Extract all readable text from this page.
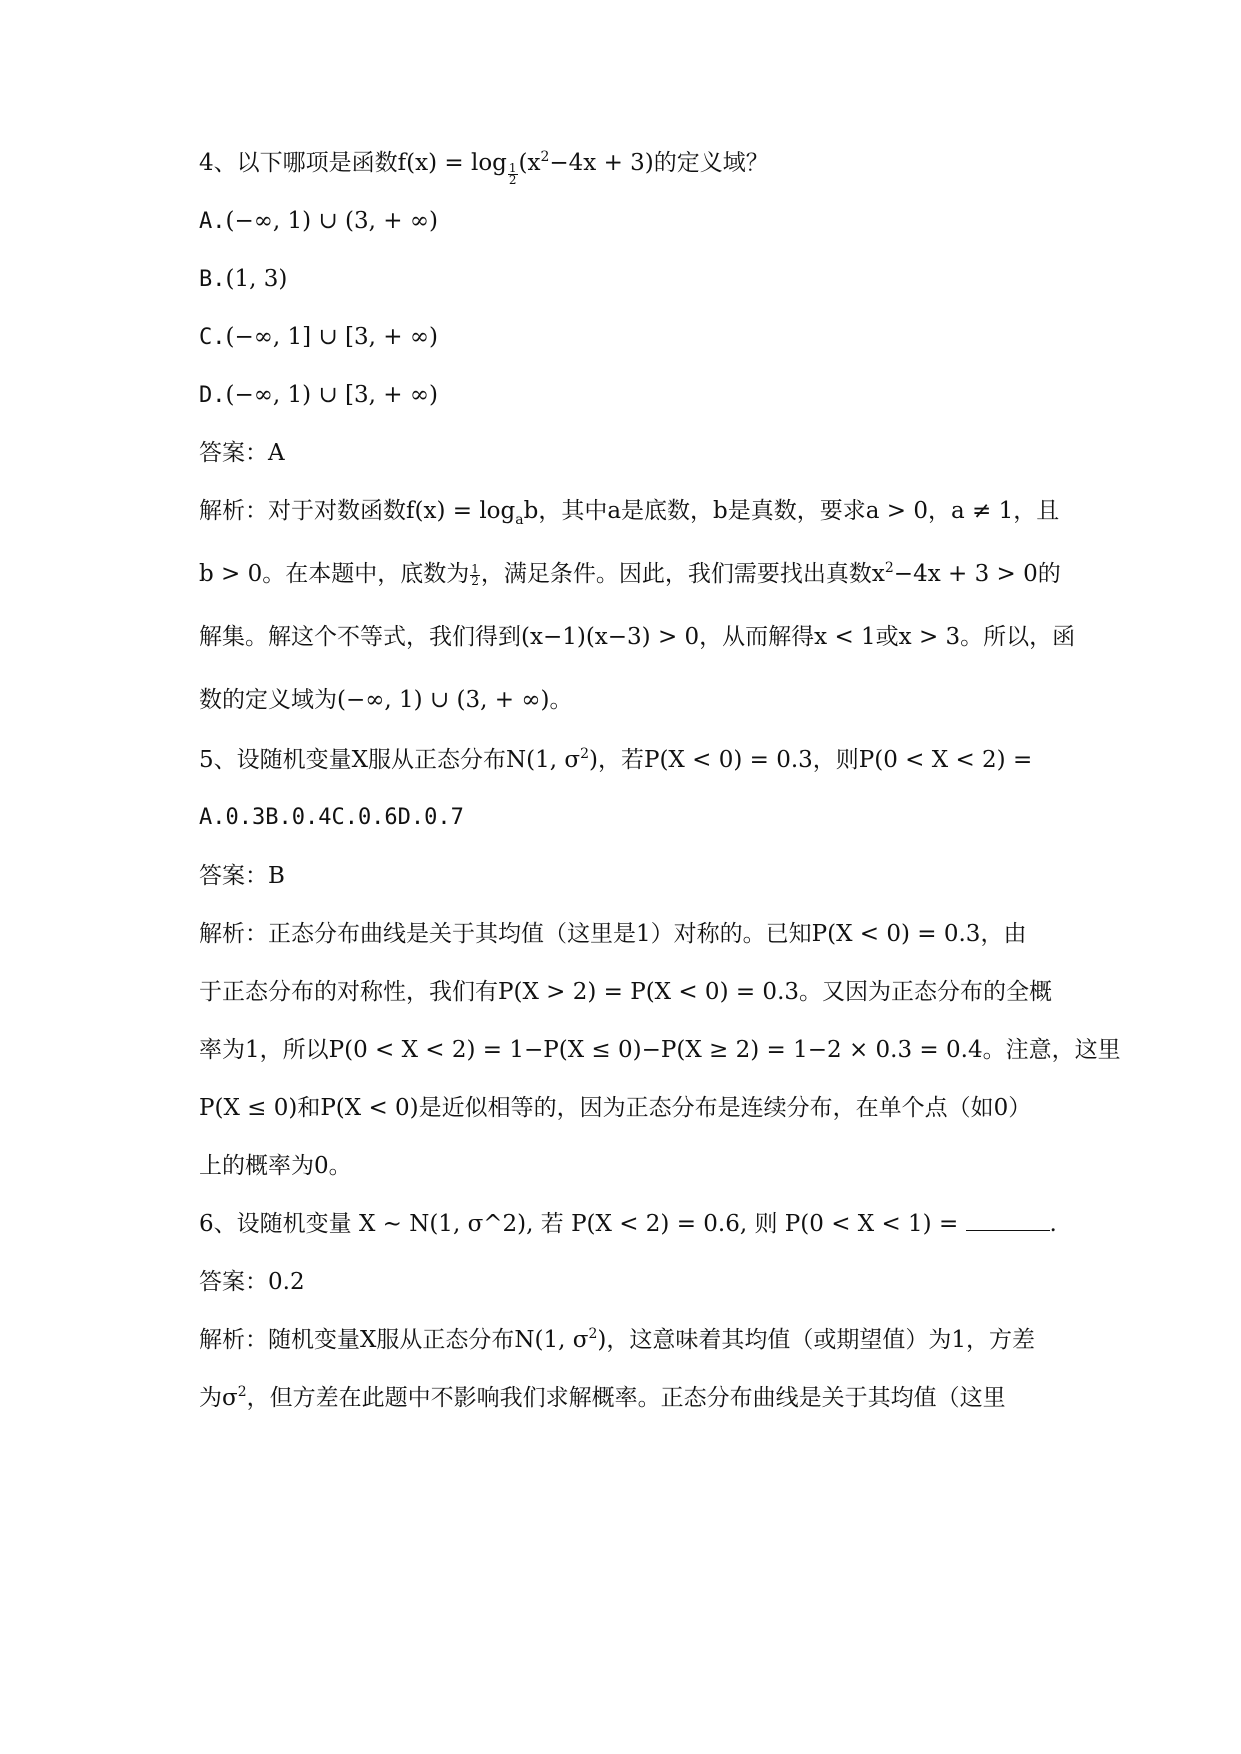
4、以下哪项是函数$f(x) = \log \frac{1}{2} (x^2-4x + 3)$的定义域？
A.(−∞, 1) ∪ (3, + ∞)
B.(1, 3)
C.(−∞, 1] ∪ [3, + ∞)
D.(−∞, 1) ∪ [3, + ∞)
答案：A
解析：对于对数函数$f(x) = \log_ab$，其中a是底数，b是真数，要求a > 0，a ≠ 1，且
b > 0。在本题中，底数为 $\frac{1}{2}$ ，满足条件。因此，我们需要找出真数$x^2-4x + 3 > 0$的
解集。解这个不等式，我们得到(x−1)(x−3) > 0，从而解得x < 1或x > 3。所以，函
数的定义域为(−∞, 1) ∪ (3, + ∞)。
5、设随机变量X服从正态分布N(1, $\sigma^2$)，若P(X < 0) = 0.3，则P(0 < X < 2) =
A.0.3B.0.4C.0.6D.0.7
答案：B
解析：正态分布曲线是关于其均值（这里是1）对称的。已知P(X < 0) = 0.3，由
于正态分布的对称性，我们有P(X > 2) = P(X < 0) = 0.3。又因为正态分布的全概
率为1，所以P(0 < X < 2) = 1−P(X ≤ 0)−P(X ≥ 2) = 1−2 × 0.3 = 0.4。注意，这里
P(X ≤ 0)和P(X < 0)是近似相等的，因为正态分布是连续分布，在单个点（如0）
上的概率为0。
6、设随机变量 X ∼ N(1, σ^2), 若 P(X < 2) = 0.6, 则 P(0 < X < 1) =	.
答案：0.2
解析：随机变量X服从正态分布N(1, $\sigma^2$)，这意味着其均值（或期望值）为1，方差
为$\sigma^2$，但方差在此题中不影响我们求解概率。正态分布曲线是关于其均值（这里
